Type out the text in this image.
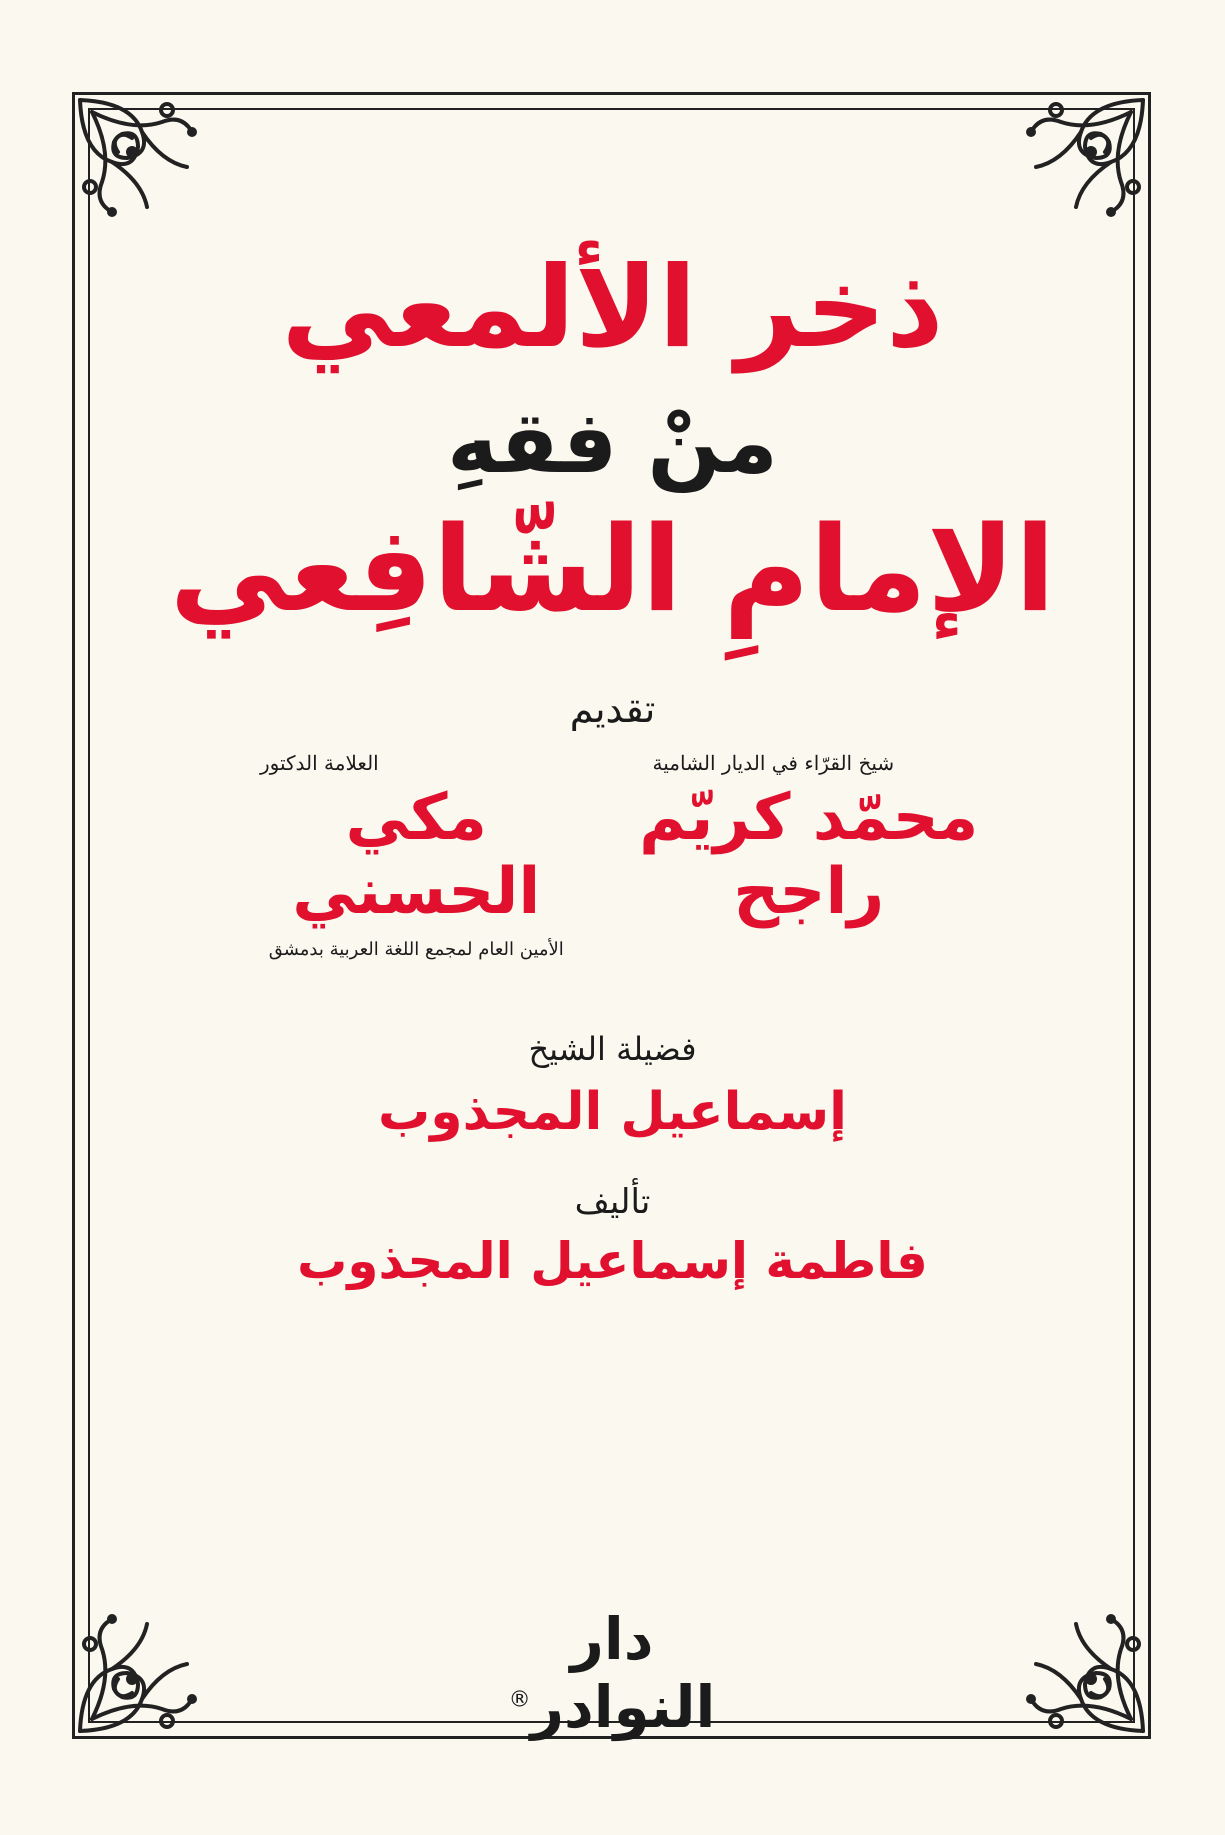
ذخر الألمعي
منْ فقهِ
الإمامِ الشّافِعي
تقديم
شيخ القرّاء في الديار الشامية
محمّد كريّم راجح
العلامة الدكتور
مكي الحسني
الأمين العام لمجمع اللغة العربية بدمشق
فضيلة الشيخ
إسماعيل المجذوب
تأليف
فاطمة إسماعيل المجذوب
دار النوادر®
